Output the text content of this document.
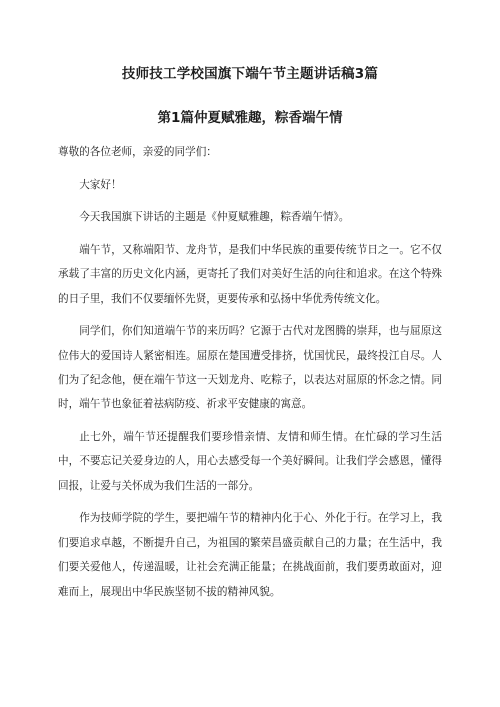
技师技工学校国旗下端午节主题讲话稿3篇
第1篇仲夏赋雅趣，粽香端午情

尊敬的各位老师，亲爱的同学们：

大家好！

今天我国旗下讲话的主题是《仲夏赋雅趣，粽香端午情》。

端午节，又称端阳节、龙舟节，是我们中华民族的重要传统节日之一。它不仅承载了丰富的历史文化内涵，更寄托了我们对美好生活的向往和追求。在这个特殊的日子里，我们不仅要缅怀先贤，更要传承和弘扬中华优秀传统文化。

同学们，你们知道端午节的来历吗？它源于古代对龙图腾的崇拜，也与屈原这位伟大的爱国诗人紧密相连。屈原在楚国遭受排挤，忧国忧民，最终投江自尽。人们为了纪念他，便在端午节这一天划龙舟、吃粽子，以表达对屈原的怀念之情。同时，端午节也象征着祛病防疫、祈求平安健康的寓意。

止七外，端午节还提醒我们要珍惜亲情、友情和师生情。在忙碌的学习生活中，不要忘记关爱身边的人，用心去感受每一个美好瞬间。让我们学会感恩，懂得回报，让爱与关怀成为我们生活的一部分。

作为技师学院的学生，要把端午节的精神内化于心、外化于行。在学习上，我们要追求卓越，不断提升自己，为祖国的繁荣昌盛贡献自己的力量；在生活中，我们要关爱他人，传递温暖，让社会充满正能量；在挑战面前，我们要勇敢面对，迎难而上，展现出中华民族坚韧不拔的精神风貌。
